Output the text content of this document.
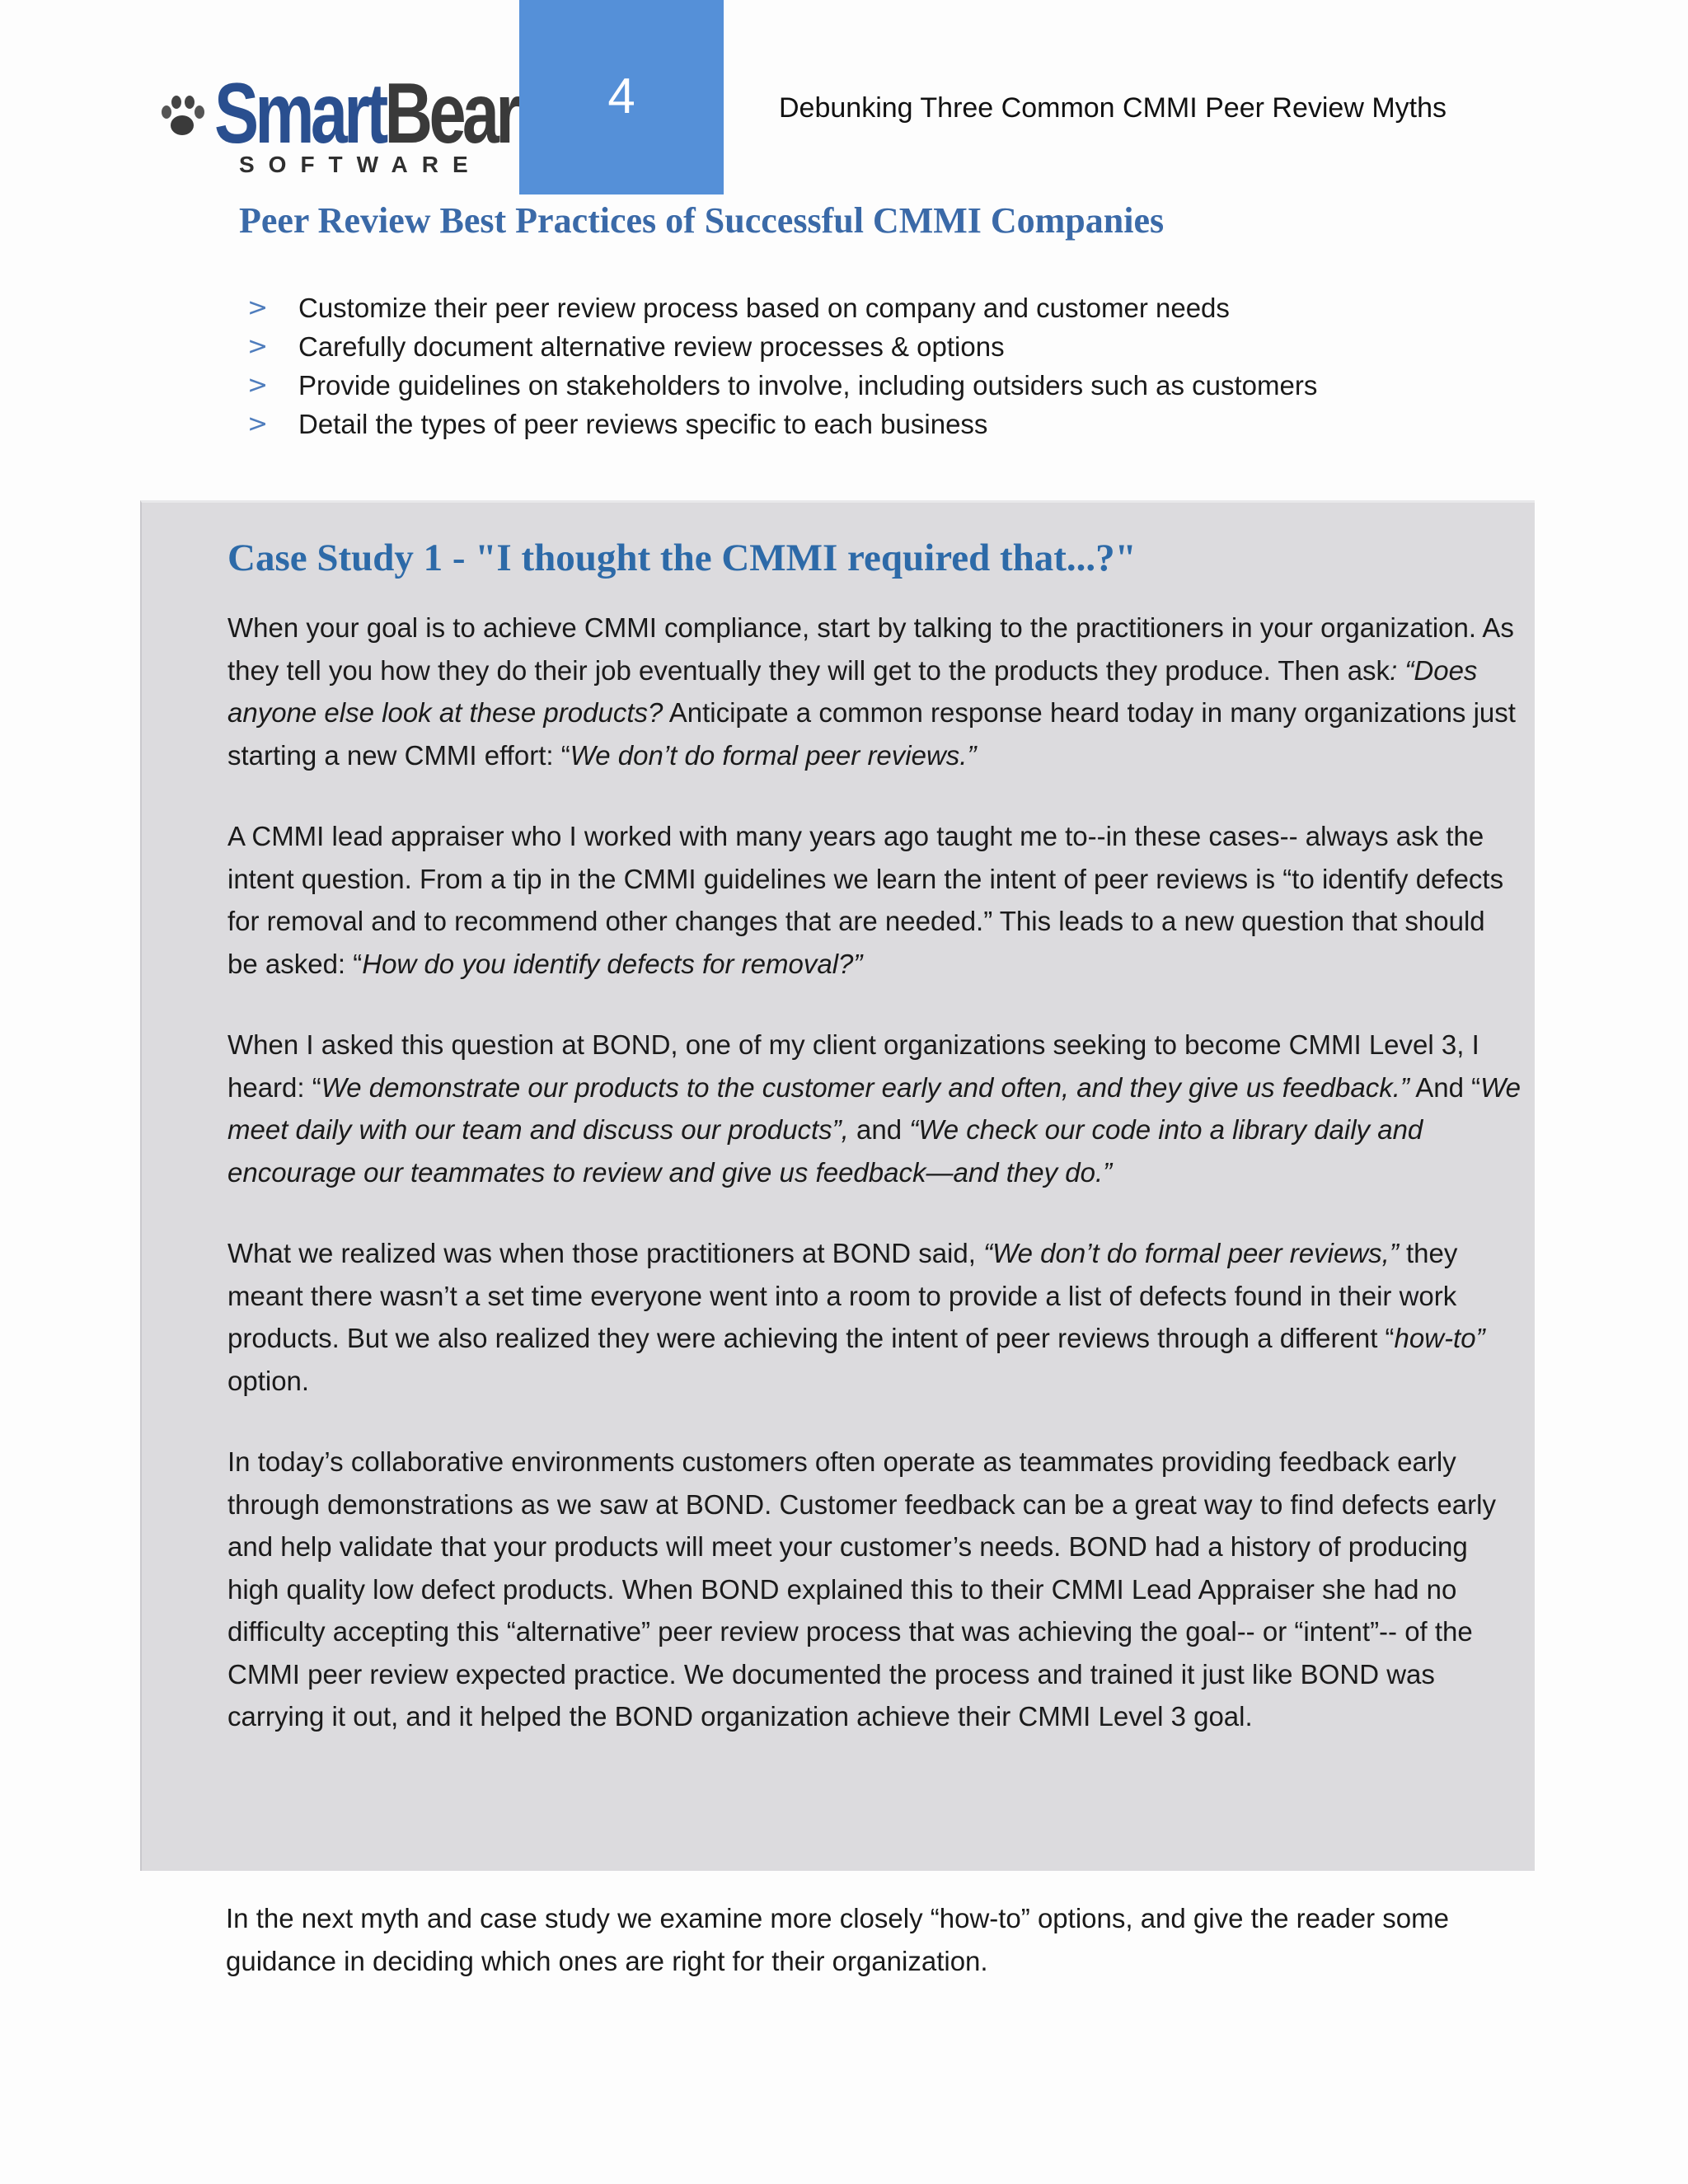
SmartBear
SOFTWARE
4	Debunking Three Common CMMI Peer Review Myths
Peer Review Best Practices of Successful CMMI Companies
>	Customize their peer review process based on company and customer needs
>	Carefully document alternative review processes & options
>	Provide guidelines on stakeholders to involve, including outsiders such as customers
>	Detail the types of peer reviews specific to each business
Case Study 1 - "I thought the CMMI required that...?"

When your goal is to achieve CMMI compliance, start by talking to the practitioners in your organization. As they tell you how they do their job eventually they will get to the products they produce. Then ask: “Does anyone else look at these products? Anticipate a common response heard today in many organizations just starting a new CMMI effort: “We don’t do formal peer reviews.”

A CMMI lead appraiser who I worked with many years ago taught me to--in these cases-- always ask the intent question. From a tip in the CMMI guidelines we learn the intent of peer reviews is “to identify defects for removal and to recommend other changes that are needed.” This leads to a new question that should be asked: “How do you identify defects for removal?”

When I asked this question at BOND, one of my client organizations seeking to become CMMI Level 3, I heard: “We demonstrate our products to the customer early and often, and they give us feedback.” And “We meet daily with our team and discuss our products”, and “We check our code into a library daily and encourage our teammates to review and give us feedback—and they do.”

What we realized was when those practitioners at BOND said, “We don’t do formal peer reviews,” they meant there wasn’t a set time everyone went into a room to provide a list of defects found in their work products. But we also realized they were achieving the intent of peer reviews through a different “how-to” option.

In today’s collaborative environments customers often operate as teammates providing feedback early through demonstrations as we saw at BOND. Customer feedback can be a great way to find defects early and help validate that your products will meet your customer’s needs. BOND had a history of producing high quality low defect products. When BOND explained this to their CMMI Lead Appraiser she had no difficulty accepting this “alternative” peer review process that was achieving the goal-- or “intent”-- of the CMMI peer review expected practice. We documented the process and trained it just like BOND was carrying it out, and it helped the BOND organization achieve their CMMI Level 3 goal.

In the next myth and case study we examine more closely “how-to” options, and give the reader some guidance in deciding which ones are right for their organization.
